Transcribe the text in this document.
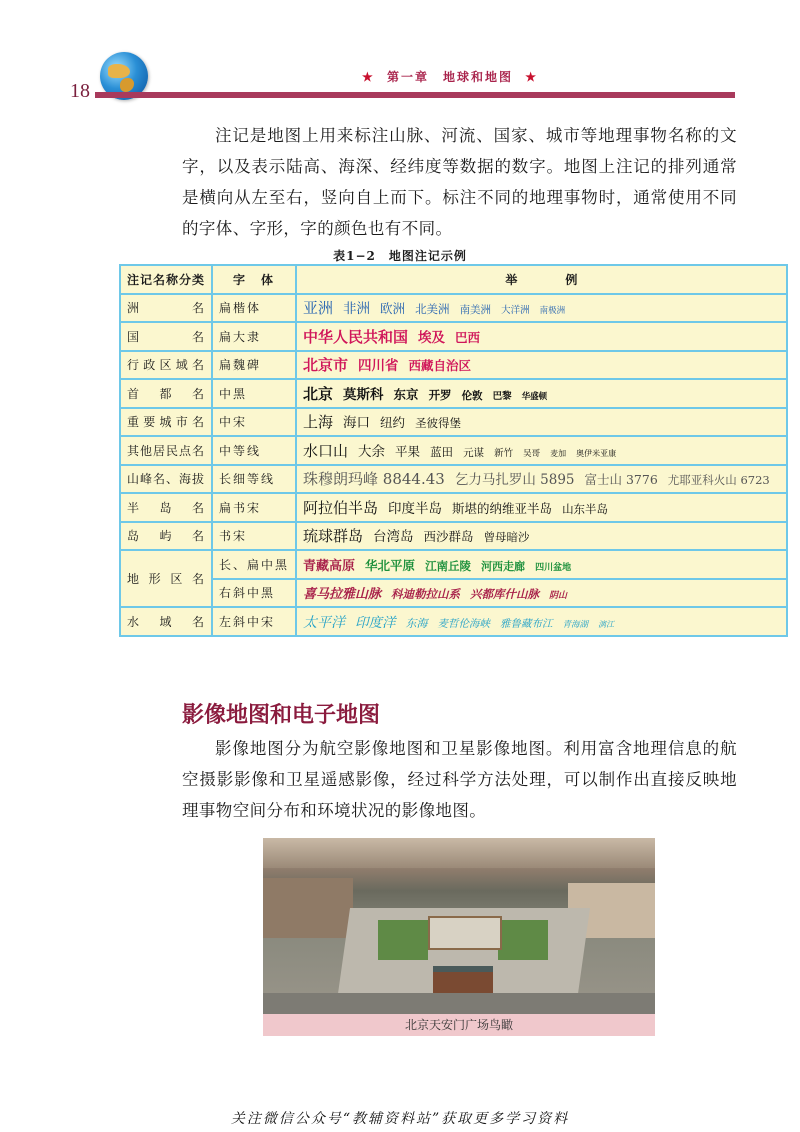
18
★ 第一章　地球和地图 ★
注记是地图上用来标注山脉、河流、国家、城市等地理事物名称的文字，以及表示陆高、海深、经纬度等数据的数字。地图上注记的排列通常是横向从左至右，竖向自上而下。标注不同的地理事物时，通常使用不同的字体、字形，字的颜色也有不同。
表1−2　地图注记示例
注记名称分类	字　体	举　　　　例
洲名	扁楷体	亚洲 非洲 欧洲 北美洲 南美洲 大洋洲 南极洲
国名	扁大隶	中华人民共和国 埃及 巴西
行政区域名	扁魏碑	北京市 四川省 西藏自治区
首都名	中黑	北京 莫斯科 东京 开罗 伦敦 巴黎 华盛顿
重要城市名	中宋	上海 海口 纽约 圣彼得堡
其他居民点名	中等线	水口山 大余 平果 蓝田 元谋 新竹 吴哥 麦加 奥伊米亚康
山峰名、海拔	长细等线	珠穆朗玛峰 8844.43 乞力马扎罗山 5895 富士山 3776 尤耶亚科火山 6723
半岛名	扁书宋	阿拉伯半岛 印度半岛 斯堪的纳维亚半岛 山东半岛
岛屿名	书宋	琉球群岛 台湾岛 西沙群岛 曾母暗沙
地形区名	长、扁中黑	青藏高原 华北平原 江南丘陵 河西走廊 四川盆地
	右斜中黑	喜马拉雅山脉 科迪勒拉山系 兴都库什山脉 阴山
水域名	左斜中宋	太平洋 印度洋 东海 麦哲伦海峡 雅鲁藏布江 青海湖 漓江
影像地图和电子地图
影像地图分为航空影像地图和卫星影像地图。利用富含地理信息的航空摄影影像和卫星遥感影像，经过科学方法处理，可以制作出直接反映地理事物空间分布和环境状况的影像地图。
北京天安门广场鸟瞰
关注微信公众号“教辅资料站”获取更多学习资料
